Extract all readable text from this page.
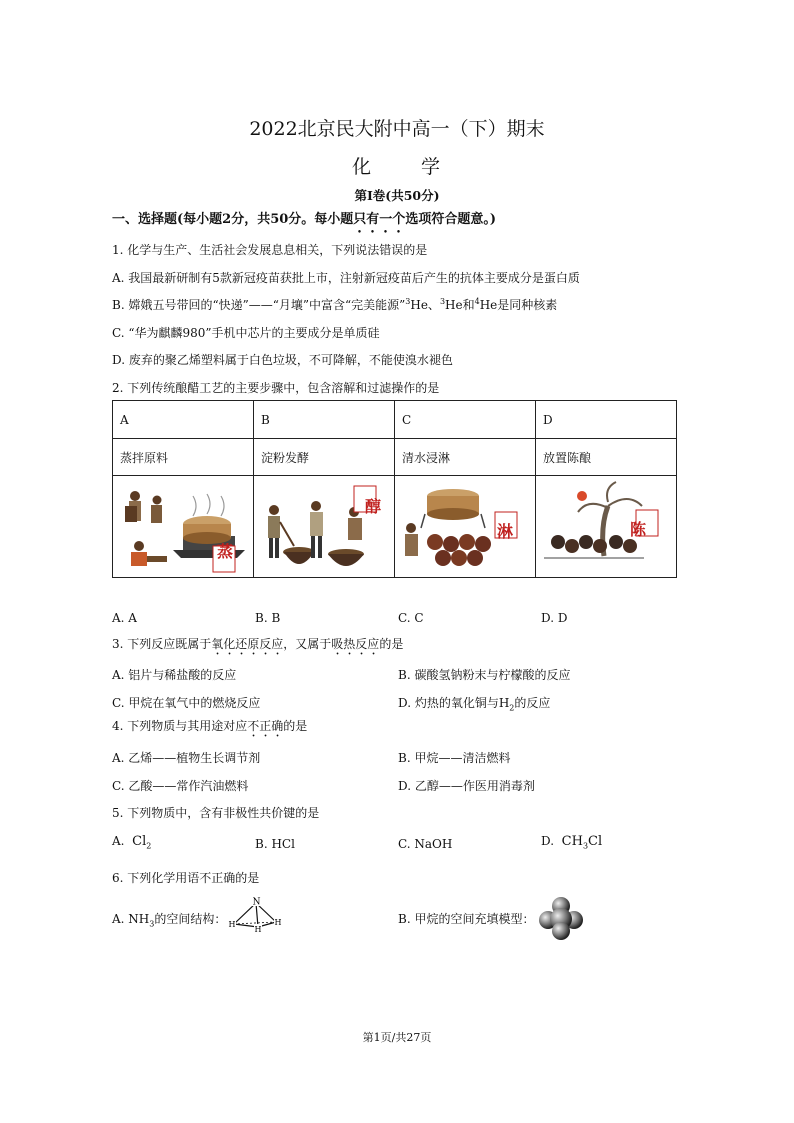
2022北京民大附中高一（下）期末
化	学
第I卷(共50分)
一、选择题(每小题2分，共50分。每小题只有一个选项符合题意。)
1. 化学与生产、生活社会发展息息相关，下列说法错误的是
A. 我国最新研制有5款新冠疫苗获批上市，注射新冠疫苗后产生的抗体主要成分是蛋白质
B. 嫦娥五号带回的“快递”——“月壤”中富含“完美能源”$^3$He、$^3$He和$^4$He是同种核素
C. “华为麒麟980”手机中芯片的主要成分是单质硅
D. 废弃的聚乙烯塑料属于白色垃圾，不可降解，不能使溴水褪色
2. 下列传统酿醋工艺的主要步骤中，包含溶解和过滤操作的是
A	B	C	D
蒸拌原料	淀粉发酵	清水浸淋	放置陈酿

蒸
醇
淋	陈
A. A	B. B	C. C	D. D
3. 下列反应既属于氧化还原反应，又属于吸热反应的是
A. 铝片与稀盐酸的反应	B. 碳酸氢钠粉末与柠檬酸的反应
C. 甲烷在氧气中的燃烧反应	D. 灼热的氧化铜与$H_2$的反应
4. 下列物质与其用途对应不正确的是
A. 乙烯——植物生长调节剂	B. 甲烷——清洁燃料
C. 乙酸——常作汽油燃料	D. 乙醇——作医用消毒剂
5. 下列物质中，含有非极性共价键的是
A. $Cl_2$	B. HCl	C. NaOH	D. $CH_3Cl$
6. 下列化学用语不正确的是
A. $NH_3$的空间结构：
N
H	H
H
B. 甲烷的空间充填模型：
第1页/共27页
